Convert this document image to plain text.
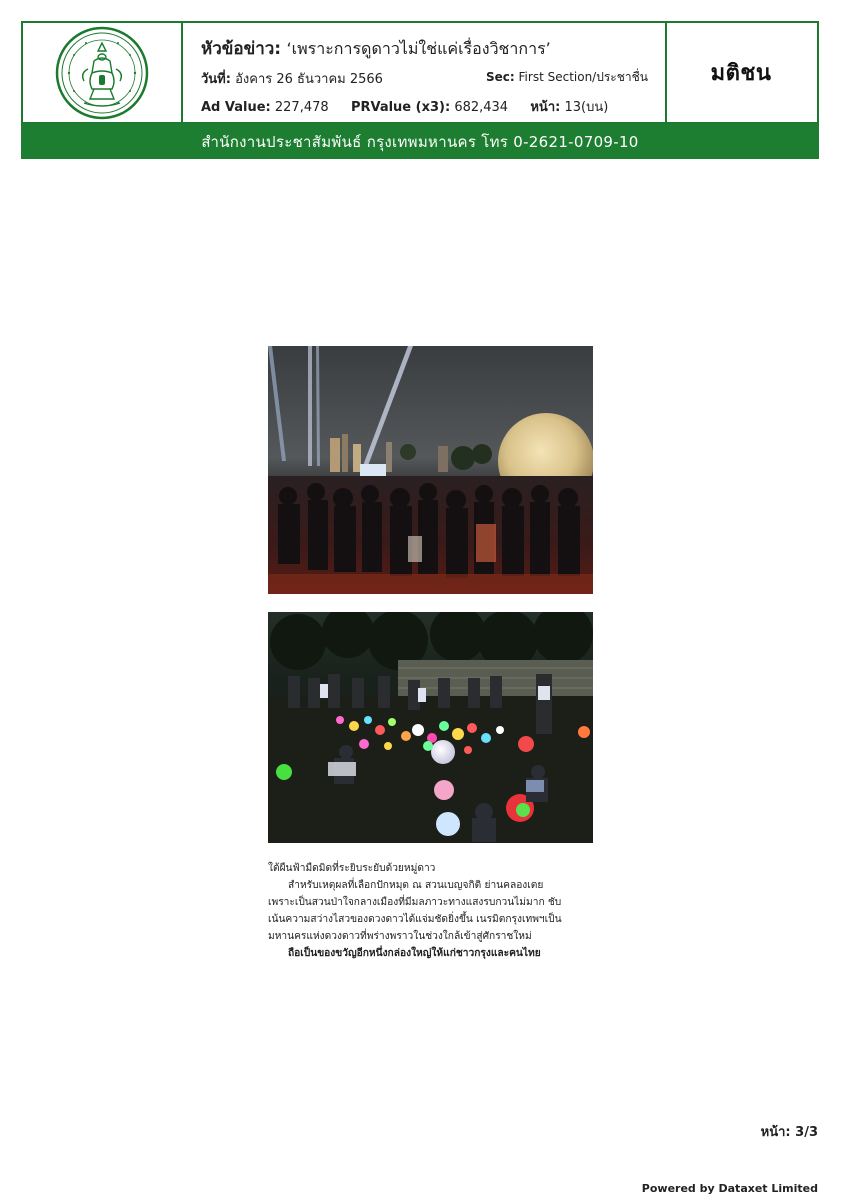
หัวข้อข่าว: ‘เพราะการดูดาวไม่ใช่แค่เรื่องวิชาการ’
วันที่: อังคาร 26 ธันวาคม 2566	Sec: First Section/ประชาชื่น
Ad Value: 227,478 PRValue (x3): 682,434 หน้า: 13(บน)
มติชน
สำนักงานประชาสัมพันธ์ กรุงเทพมหานคร โทร 0-2621-0709-10

ใต้ผืนฟ้ามืดมิดที่ระยิบระยับด้วยหมู่ดาว

สำหรับเหตุผลที่เลือกปักหมุด ณ สวนเบญจกิติ ย่านคลองเตย

เพราะเป็นสวนป่าใจกลางเมืองที่มีมลภาวะทางแสงรบกวนไม่มาก ชับ

เน้นความสว่างไสวของดวงดาวได้แจ่มชัดยิ่งขึ้น เนรมิตกรุงเทพฯเป็น

มหานครแห่งดวงดาวที่พร่างพราวในช่วงใกล้เข้าสู่ศักราชใหม่

ถือเป็นของขวัญอีกหนึ่งกล่องใหญ่ให้แก่ชาวกรุงและคนไทย

หน้า: 3/3
Powered by Dataxet Limited
